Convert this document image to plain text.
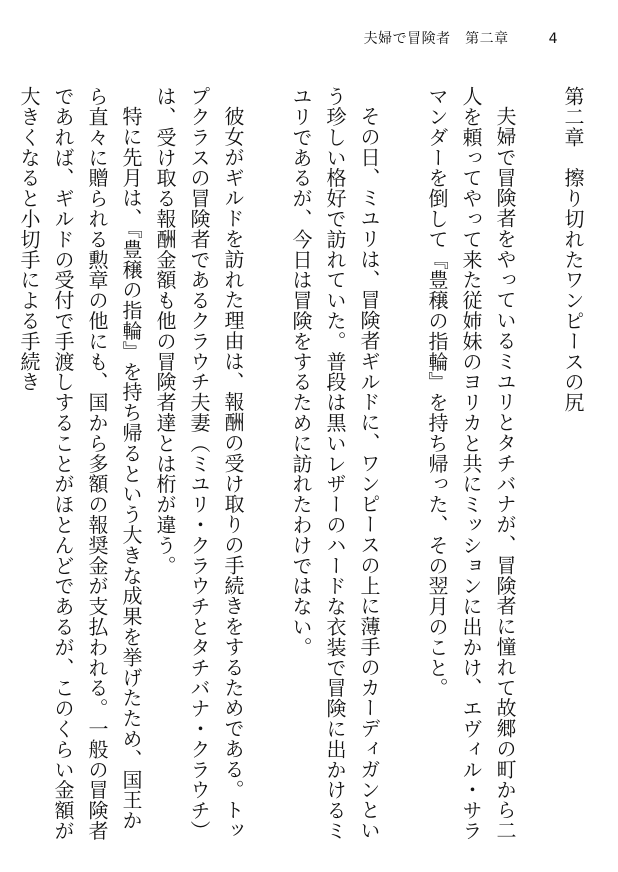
夫婦で冒険者　第二章	4
第二章　擦り切れたワンピースの尻

夫婦で冒険者をやっているミユリとタチバナが、冒険者に憧れて故郷の町から二人を頼ってやって来た従姉妹のヨリカと共にミッションに出かけ、エヴィル・サラマンダーを倒して『豊穣の指輪』を持ち帰った、その翌月のこと。

その日、ミユリは、冒険者ギルドに、ワンピースの上に薄手のカーディガンという珍しい格好で訪れていた。普段は黒いレザーのハードな衣装で冒険に出かけるミユリであるが、今日は冒険をするために訪れたわけではない。

彼女がギルドを訪れた理由は、報酬の受け取りの手続きをするためである。トップクラスの冒険者であるクラウチ夫妻（ミユリ・クラウチとタチバナ・クラウチ）は、受け取る報酬金額も他の冒険者達とは桁が違う。

特に先月は、『豊穣の指輪』を持ち帰るという大きな成果を挙げたため、国王から直々に贈られる勲章の他にも、国から多額の報奨金が支払われる。一般の冒険者であれば、ギルドの受付で手渡しすることがほとんどであるが、このくらい金額が大きくなると小切手による手続き
